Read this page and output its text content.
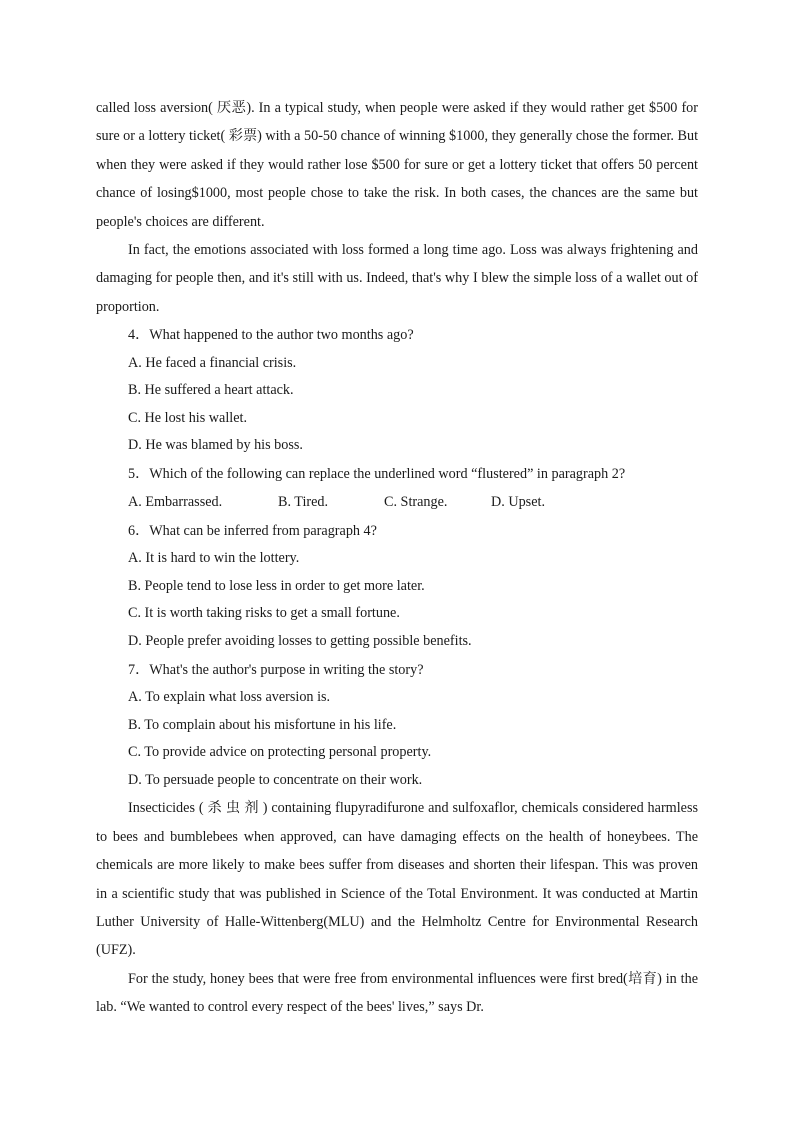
called loss aversion( 厌恶). In a typical study, when people were asked if they would rather get $500 for sure or a lottery ticket( 彩票) with a 50-50 chance of winning $1000, they generally chose the former. But when they were asked if they would rather lose $500 for sure or get a lottery ticket that offers 50 percent chance of losing$1000, most people chose to take the risk. In both cases, the chances are the same but people's choices are different.

In fact, the emotions associated with loss formed a long time ago. Loss was always frightening and damaging for people then, and it's still with us. Indeed, that's why I blew the simple loss of a wallet out of proportion.

4．What happened to the author two months ago?

A. He faced a financial crisis.

B. He suffered a heart attack.

C. He lost his wallet.

D. He was blamed by his boss.

5．Which of the following can replace the underlined word “flustered” in paragraph 2?

A. Embarrassed.	B. Tired.	C. Strange.	D. Upset.

6．What can be inferred from paragraph 4?

A. It is hard to win the lottery.

B. People tend to lose less in order to get more later.

C. It is worth taking risks to get a small fortune.

D. People prefer avoiding losses to getting possible benefits.

7．What's the author's purpose in writing the story?

A. To explain what loss aversion is.

B. To complain about his misfortune in his life.

C. To provide advice on protecting personal property.

D. To persuade people to concentrate on their work.

Insecticides ( 杀 虫 剂 ) containing flupyradifurone and sulfoxaflor, chemicals considered harmless to bees and bumblebees when approved, can have damaging effects on the health of honeybees. The chemicals are more likely to make bees suffer from diseases and shorten their lifespan. This was proven in a scientific study that was published in Science of the Total Environment. It was conducted at Martin Luther University of Halle-Wittenberg(MLU) and the Helmholtz Centre for Environmental Research (UFZ).

For the study, honey bees that were free from environmental influences were first bred(培育) in the lab. “We wanted to control every respect of the bees' lives,” says Dr.
